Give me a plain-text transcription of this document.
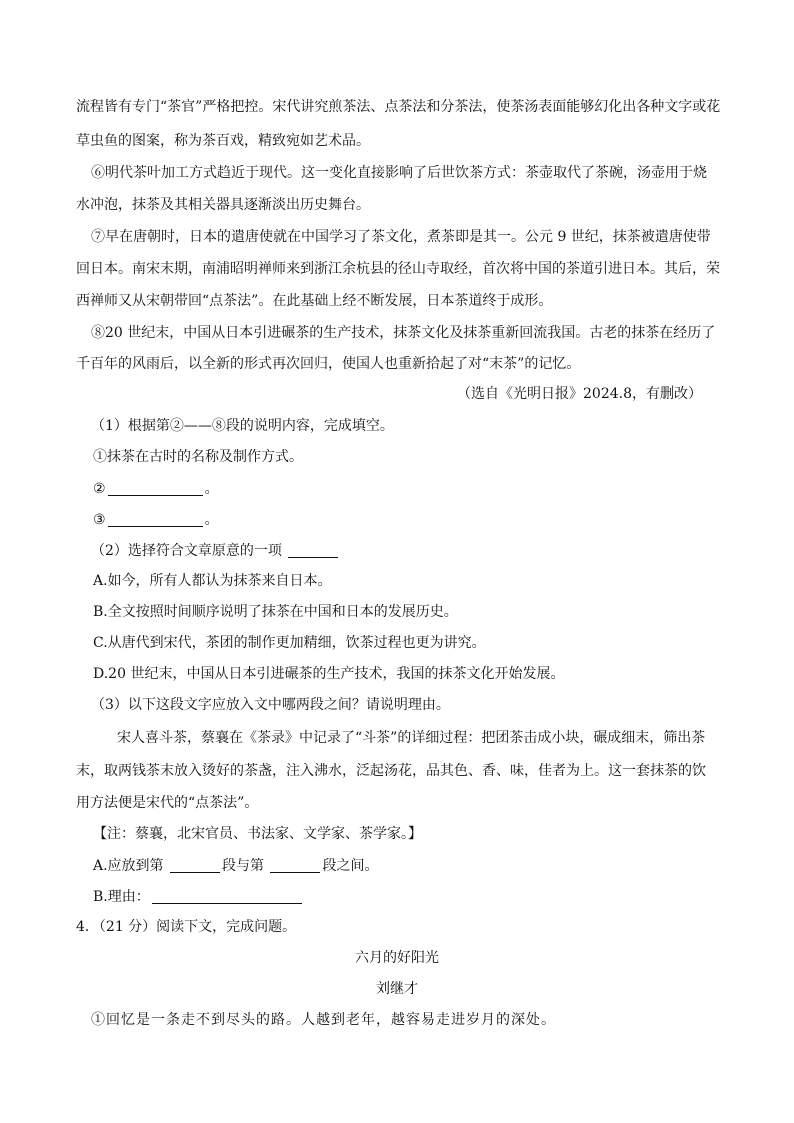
流程皆有专门“茶官”严格把控。宋代讲究煎茶法、点茶法和分茶法，使茶汤表面能够幻化出各种文字或花
草虫鱼的图案，称为茶百戏，精致宛如艺术品。
⑥明代茶叶加工方式趋近于现代。这一变化直接影响了后世饮茶方式：茶壶取代了茶碗，汤壶用于烧
水冲泡，抹茶及其相关器具逐渐淡出历史舞台。
⑦早在唐朝时，日本的遣唐使就在中国学习了茶文化，煮茶即是其一。公元 9 世纪，抹茶被遣唐使带
回日本。南宋末期，南浦昭明禅师来到浙江余杭县的径山寺取经，首次将中国的茶道引进日本。其后，荣
西禅师又从宋朝带回“点茶法”。在此基础上经不断发展，日本茶道终于成形。
⑧20 世纪末，中国从日本引进碾茶的生产技术，抹茶文化及抹茶重新回流我国。古老的抹茶在经历了
千百年的风雨后，以全新的形式再次回归，使国人也重新拾起了对“末茶”的记忆。
（选自《光明日报》2024.8，有删改）
（1）根据第②——⑧段的说明内容，完成填空。
①抹茶在古时的名称及制作方式。
②	。
③	。
（2）选择符合文章原意的一项
A.如今，所有人都认为抹茶来自日本。
B.全文按照时间顺序说明了抹茶在中国和日本的发展历史。
C.从唐代到宋代，茶团的制作更加精细，饮茶过程也更为讲究。
D.20 世纪末，中国从日本引进碾茶的生产技术，我国的抹茶文化开始发展。
（3）以下这段文字应放入文中哪两段之间？请说明理由。
宋人喜斗茶，蔡襄在《茶录》中记录了“斗茶”的详细过程：把团茶击成小块，碾成细末，筛出茶
末，取两钱茶末放入烫好的茶盏，注入沸水，泛起汤花，品其色、香、味，佳者为上。这一套抹茶的饮
用方法便是宋代的“点茶法”。
【注：蔡襄，北宋官员、书法家、文学家、茶学家。】
A.应放到第	段与第	段之间。
B.理由：
4．（21 分）阅读下文，完成问题。
六月的好阳光
刘继才
①回忆是一条走不到尽头的路。人越到老年，越容易走进岁月的深处。
